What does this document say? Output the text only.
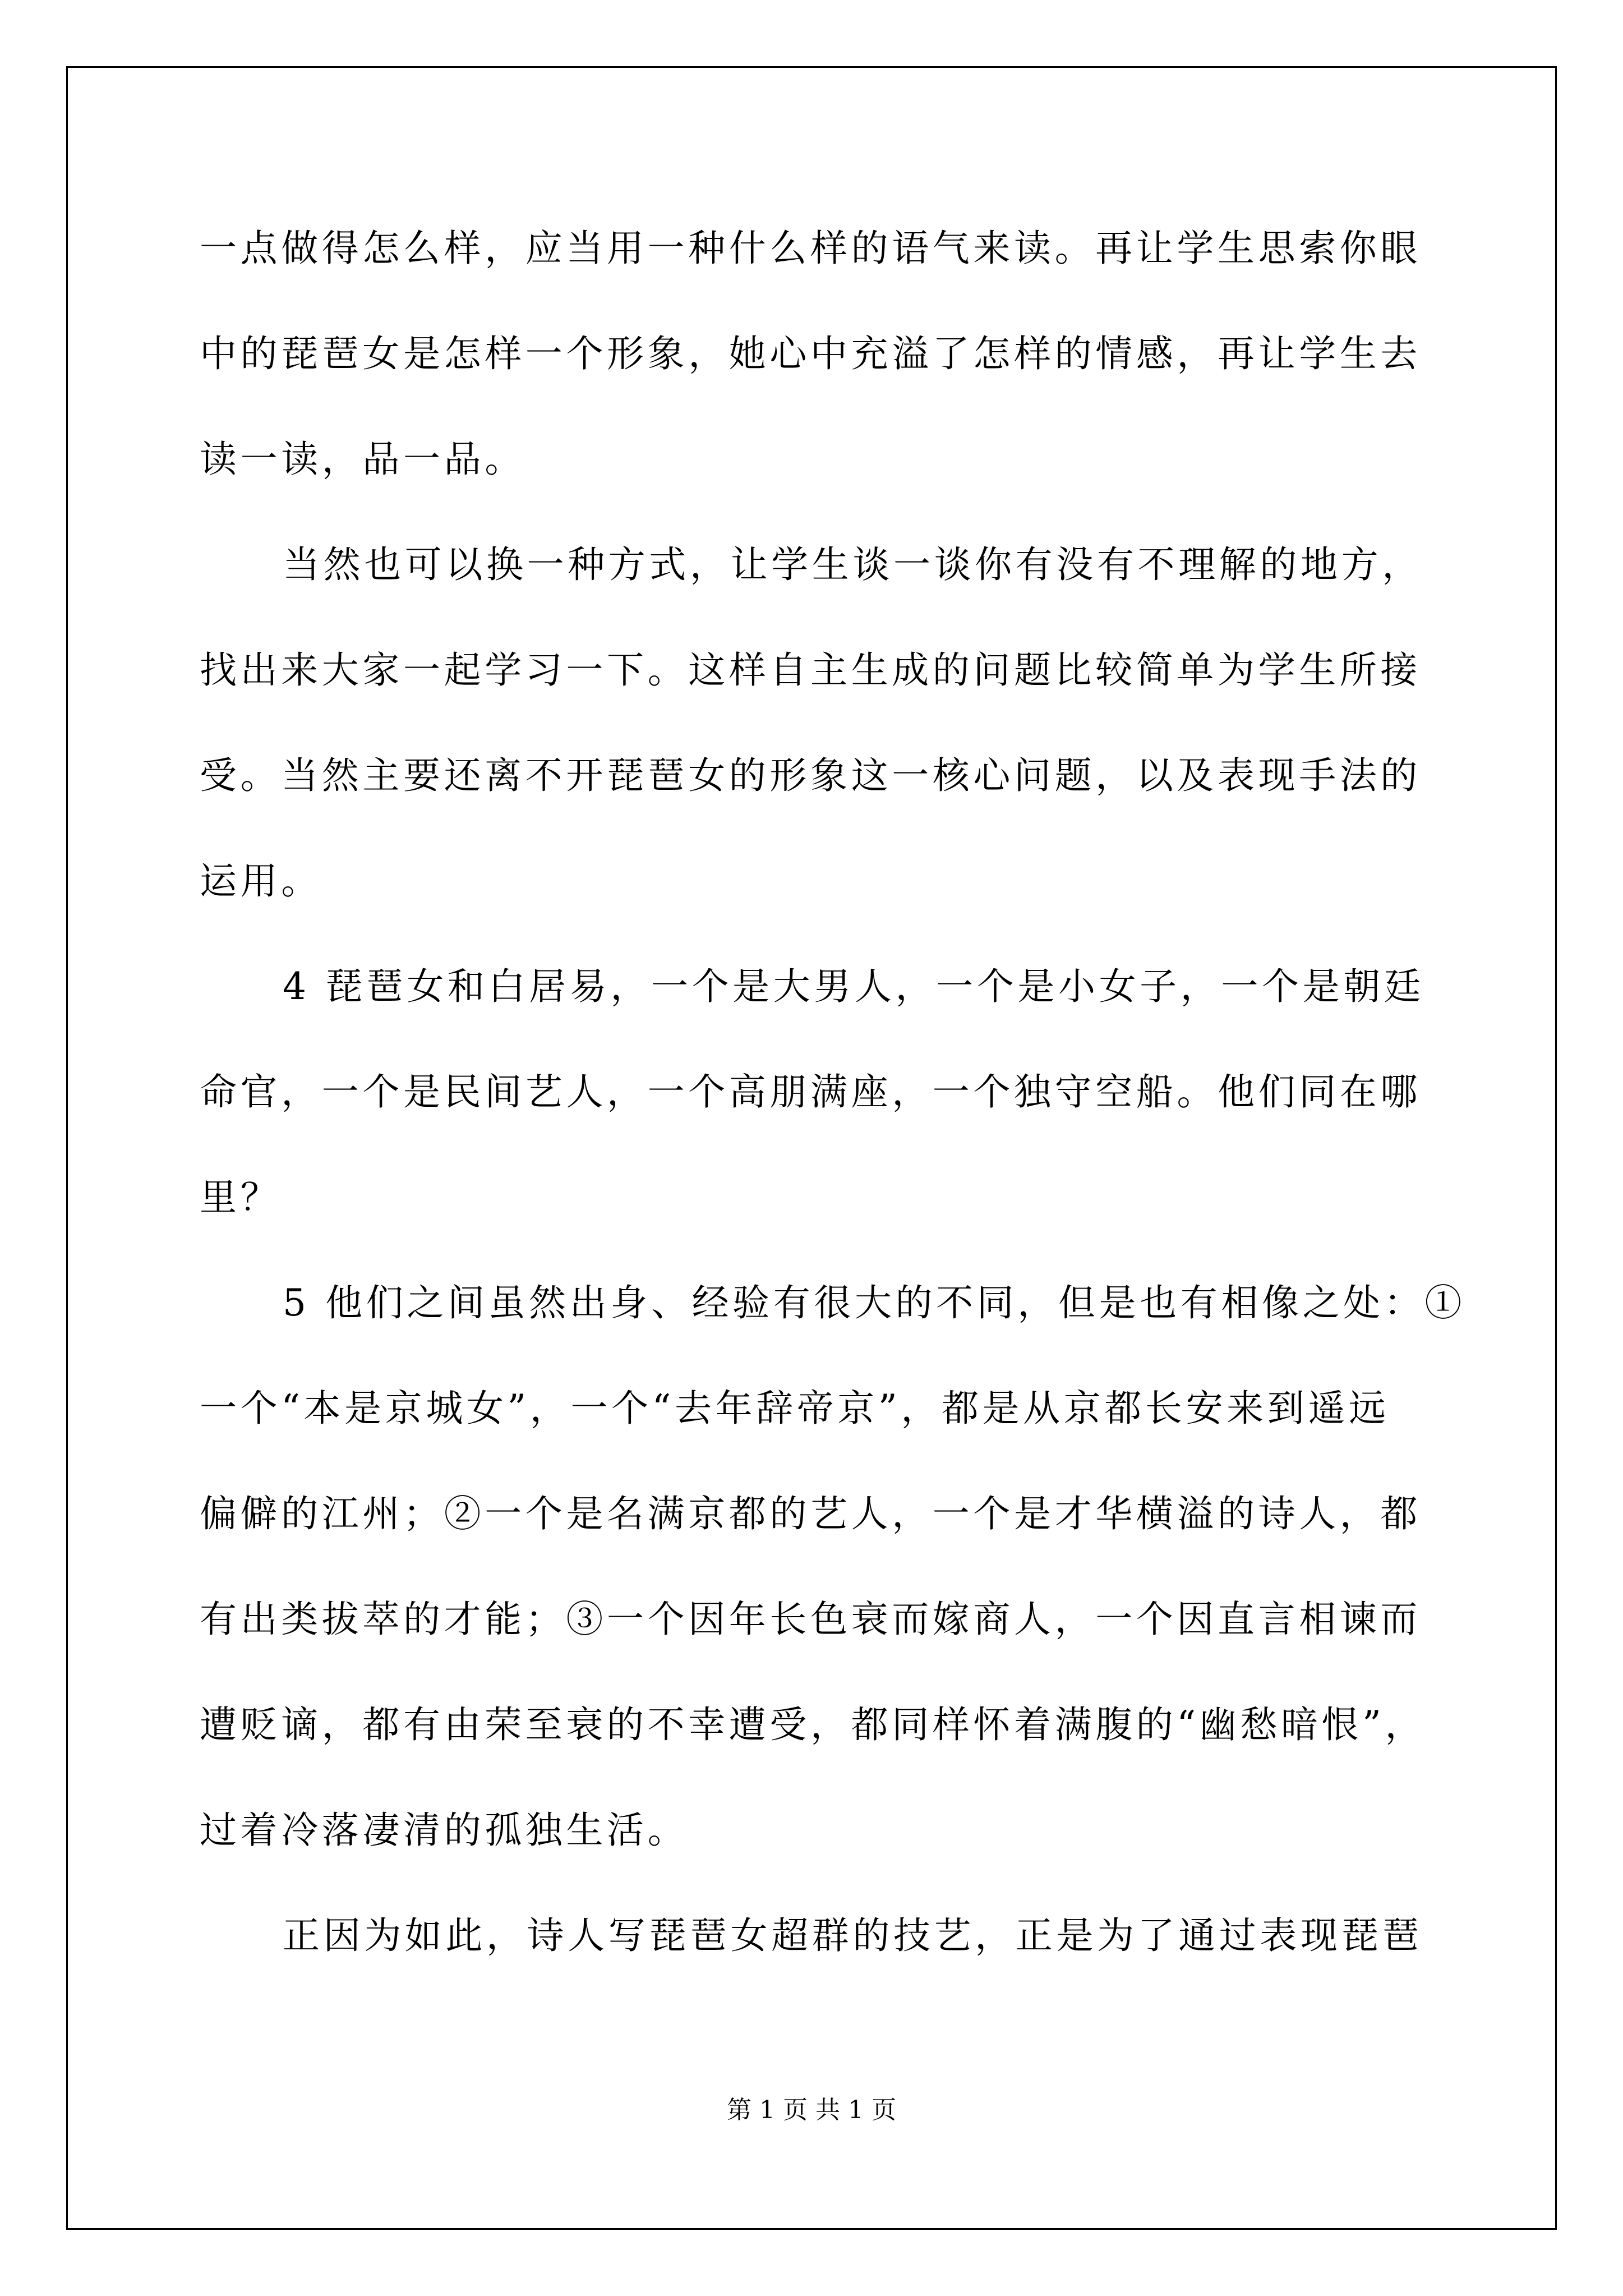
一点做得怎么样，应当用一种什么样的语气来读。再让学生思索你眼

中的琵琶女是怎样一个形象，她心中充溢了怎样的情感，再让学生去

读一读，品一品。

当然也可以换一种方式，让学生谈一谈你有没有不理解的地方，

找出来大家一起学习一下。这样自主生成的问题比较简单为学生所接

受。当然主要还离不开琵琶女的形象这一核心问题，以及表现手法的

运用。

4 琵琶女和白居易，一个是大男人，一个是小女子，一个是朝廷

命官，一个是民间艺人，一个高朋满座，一个独守空船。他们同在哪

里？

5 他们之间虽然出身、经验有很大的不同，但是也有相像之处：①

一个“本是京城女”，一个“去年辞帝京”，都是从京都长安来到遥远

偏僻的江州；②一个是名满京都的艺人，一个是才华横溢的诗人，都

有出类拔萃的才能；③一个因年长色衰而嫁商人，一个因直言相谏而

遭贬谪，都有由荣至衰的不幸遭受，都同样怀着满腹的“幽愁暗恨”，

过着冷落凄清的孤独生活。

正因为如此，诗人写琵琶女超群的技艺，正是为了通过表现琵琶

第 1 页 共 1 页
